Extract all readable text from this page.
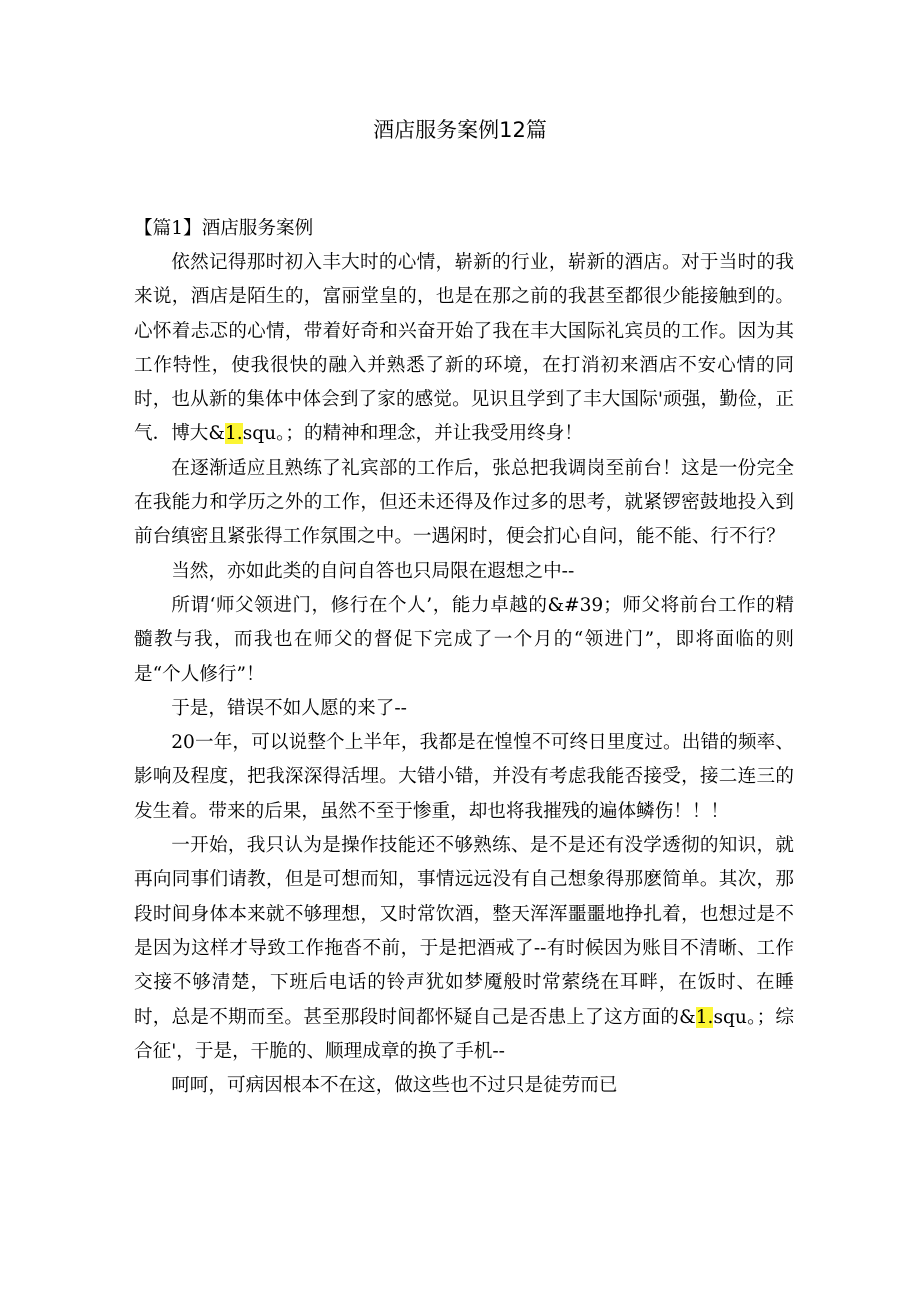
酒店服务案例12篇
【篇1】酒店服务案例

依然记得那时初入丰大时的心情，崭新的行业，崭新的酒店。对于当时的我来说，酒店是陌生的，富丽堂皇的，也是在那之前的我甚至都很少能接触到的。心怀着忐忑的心情，带着好奇和兴奋开始了我在丰大国际礼宾员的工作。因为其工作特性，使我很快的融入并熟悉了新的环境，在打消初来酒店不安心情的同时，也从新的集体中体会到了家的感觉。见识且学到了丰大国际'顽强，勤俭，正气．博大&1.squ。；的精神和理念，并让我受用终身！

在逐渐适应且熟练了礼宾部的工作后，张总把我调岗至前台！这是一份完全在我能力和学历之外的工作，但还未还得及作过多的思考，就紧锣密鼓地投入到前台缜密且紧张得工作氛围之中。一遇闲时，便会扪心自问，能不能、行不行？

当然，亦如此类的自问自答也只局限在遐想之中--

所谓‘师父领进门，修行在个人’，能力卓越的&#39；师父将前台工作的精髓教与我，而我也在师父的督促下完成了一个月的“领进门”，即将面临的则是“个人修行”！

于是，错误不如人愿的来了--

20一年，可以说整个上半年，我都是在惶惶不可终日里度过。出错的频率、影响及程度，把我深深得活埋。大错小错，并没有考虑我能否接受，接二连三的发生着。带来的后果，虽然不至于惨重，却也将我摧残的遍体鳞伤！！！

一开始，我只认为是操作技能还不够熟练、是不是还有没学透彻的知识，就再向同事们请教，但是可想而知，事情远远没有自己想象得那麽简单。其次，那段时间身体本来就不够理想，又时常饮酒，整天浑浑噩噩地挣扎着，也想过是不是因为这样才导致工作拖沓不前，于是把酒戒了--有时候因为账目不清晰、工作交接不够清楚，下班后电话的铃声犹如梦魇般时常萦绕在耳畔，在饭时、在睡时，总是不期而至。甚至那段时间都怀疑自己是否患上了这方面的&1.squ。；综合征'，于是，干脆的、顺理成章的换了手机--

呵呵，可病因根本不在这，做这些也不过只是徒劳而已
